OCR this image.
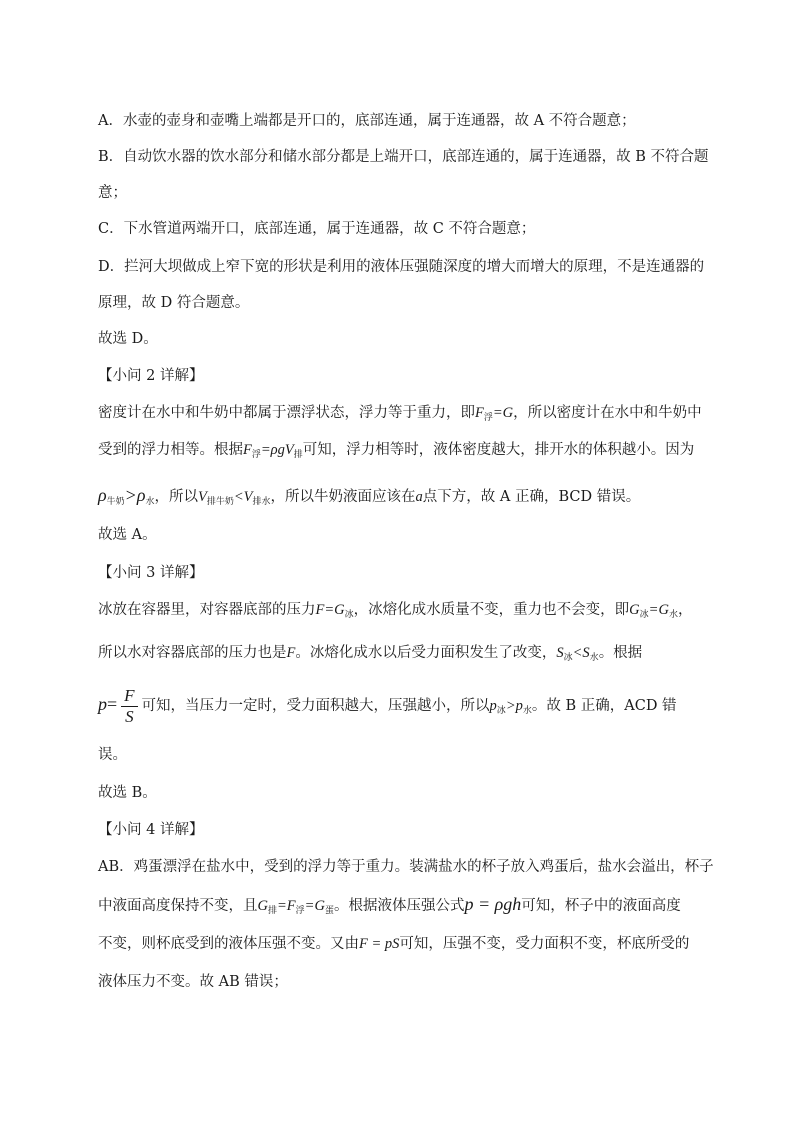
A．水壶的壶身和壶嘴上端都是开口的，底部连通，属于连通器，故 A 不符合题意；
B．自动饮水器的饮水部分和储水部分都是上端开口，底部连通的，属于连通器，故 B 不符合题
意；
C．下水管道两端开口，底部连通，属于连通器，故 C 不符合题意；
D．拦河大坝做成上窄下宽的形状是利用的液体压强随深度的增大而增大的原理，不是连通器的
原理，故 D 符合题意。
故选 D。
【小问 2 详解】
密度计在水中和牛奶中都属于漂浮状态，浮力等于重力，即$F_浮=G$，所以密度计在水中和牛奶中
受到的浮力相等。根据$F_浮=\rho gV_排$可知，浮力相等时，液体密度越大，排开水的体积越小。因为
$\rho_{牛奶}>\rho_水$，所以$V_{排牛奶}<V_{排水}$，所以牛奶液面应该在a点下方，故 A 正确，BCD 错误。
故选 A。
【小问 3 详解】
冰放在容器里，对容器底部的压力$F=G_冰$，冰熔化成水质量不变，重力也不会变，即$G_冰=G_水$，
所以水对容器底部的压力也是F。冰熔化成水以后受力面积发生了改变，$S_冰<S_水$。根据
$p= \frac{F}{S}$ 可知，当压力一定时，受力面积越大，压强越小，所以$p_冰>p_水$。故 B 正确，ACD 错
误。
故选 B。
【小问 4 详解】
AB．鸡蛋漂浮在盐水中，受到的浮力等于重力。装满盐水的杯子放入鸡蛋后，盐水会溢出，杯子
中液面高度保持不变，且$G_排=F_浮=G_蛋$。根据液体压强公式p = ρgh可知，杯子中的液面高度
不变，则杯底受到的液体压强不变。又由F = pS可知，压强不变，受力面积不变，杯底所受的
液体压力不变。故 AB 错误；
